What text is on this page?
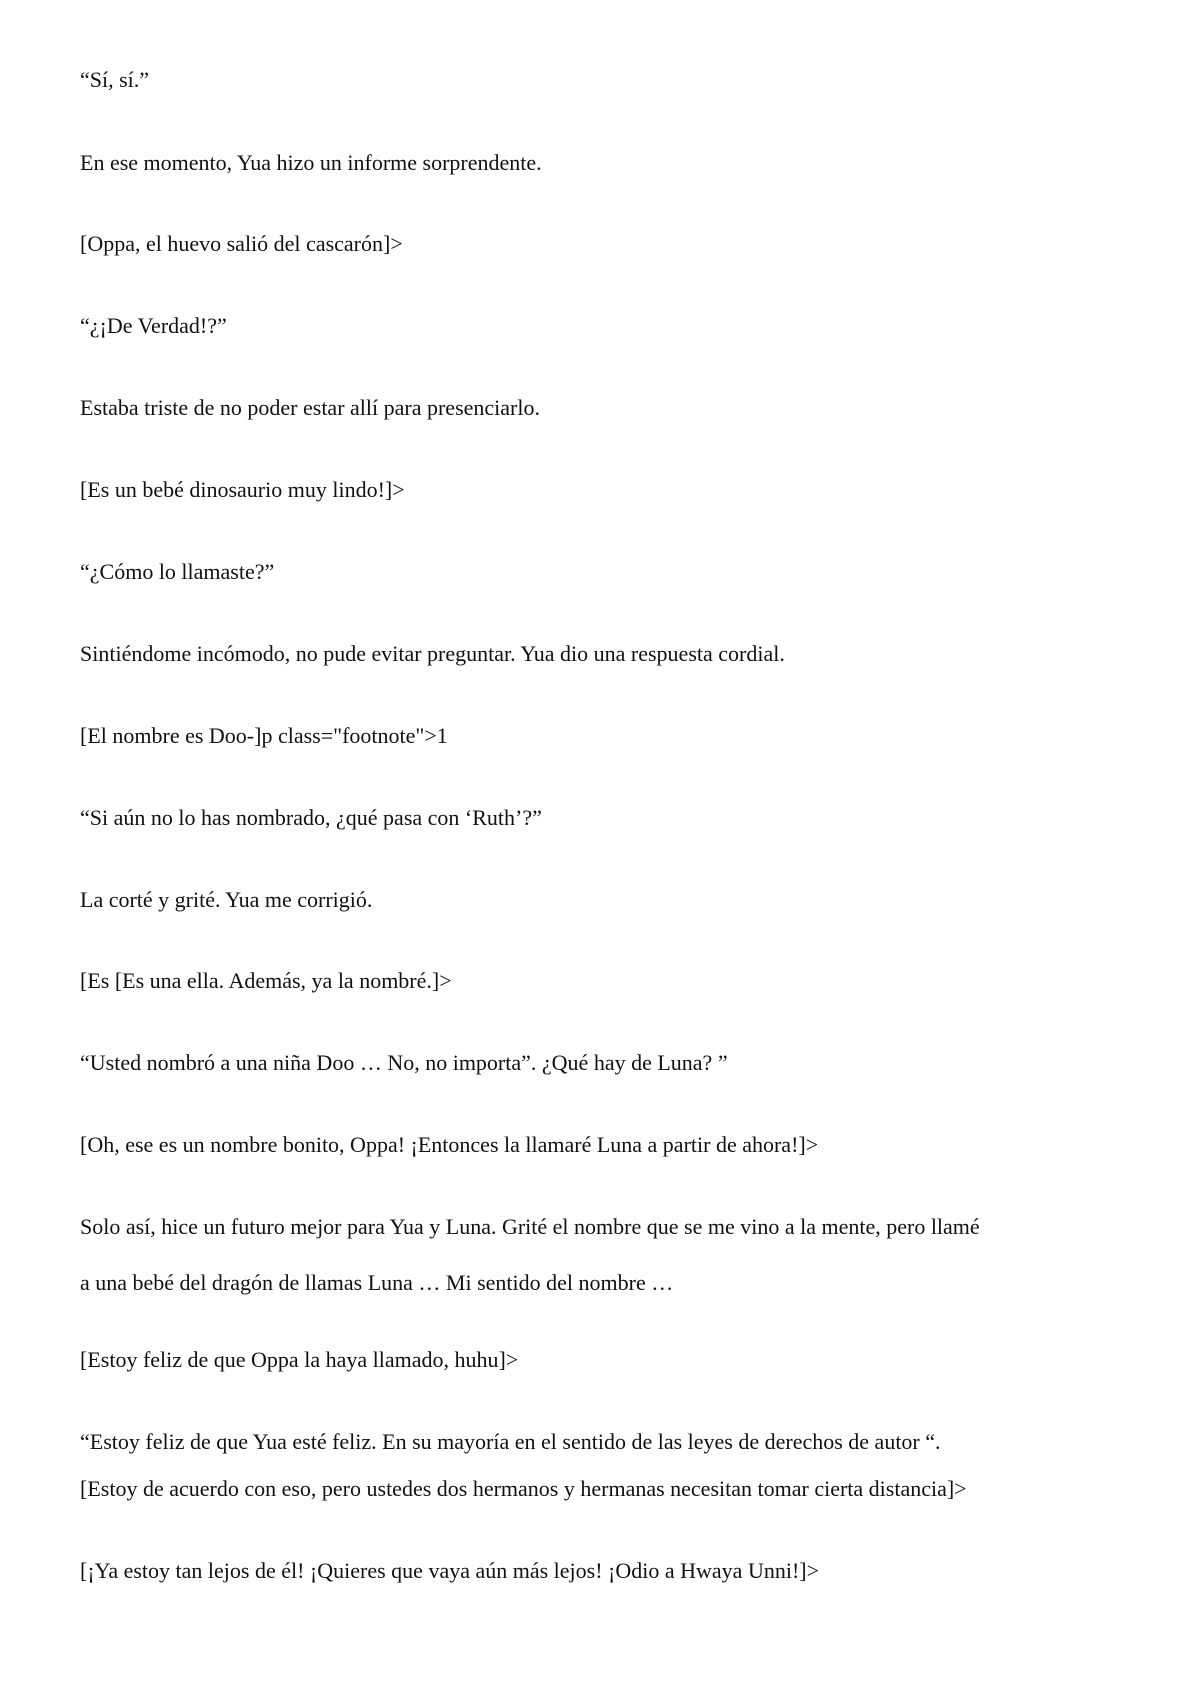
“Sí, sí.”

En ese momento, Yua hizo un informe sorprendente.

[Oppa, el huevo salió del cascarón]>

“¿¡De Verdad!?”

Estaba triste de no poder estar allí para presenciarlo.

[Es un bebé dinosaurio muy lindo!]>

“¿Cómo lo llamaste?”

Sintiéndome incómodo, no pude evitar preguntar. Yua dio una respuesta cordial.

[El nombre es Doo-]p class="footnote">1

“Si aún no lo has nombrado, ¿qué pasa con ‘Ruth’?”

La corté y grité. Yua me corrigió.

[Es [Es una ella. Además, ya la nombré.]>

“Usted nombró a una niña Doo … No, no importa”. ¿Qué hay de Luna? ”

[Oh, ese es un nombre bonito, Oppa! ¡Entonces la llamaré Luna a partir de ahora!]>

Solo así, hice un futuro mejor para Yua y Luna. Grité el nombre que se me vino a la mente, pero llamé

a una bebé del dragón de llamas Luna … Mi sentido del nombre …

[Estoy feliz de que Oppa la haya llamado, huhu]>

“Estoy feliz de que Yua esté feliz. En su mayoría en el sentido de las leyes de derechos de autor “.

[Estoy de acuerdo con eso, pero ustedes dos hermanos y hermanas necesitan tomar cierta distancia]>

[¡Ya estoy tan lejos de él! ¡Quieres que vaya aún más lejos! ¡Odio a Hwaya Unni!]>
